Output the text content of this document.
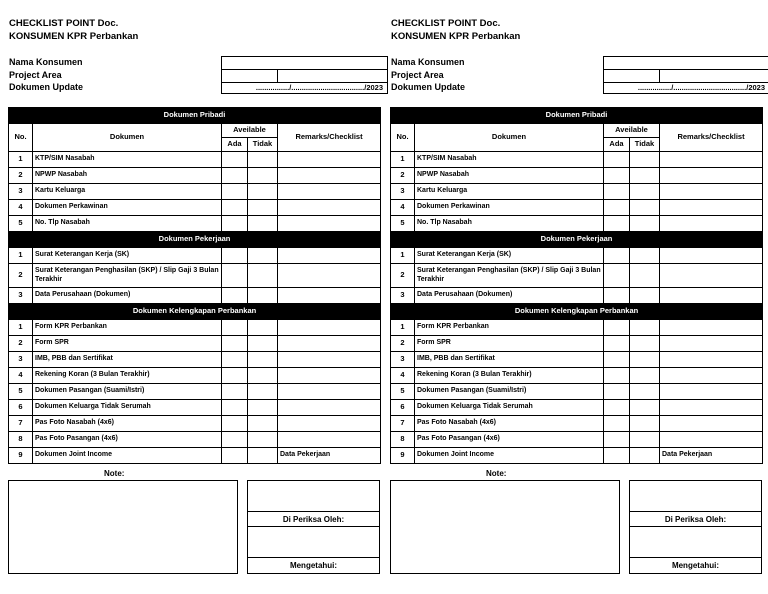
CHECKLIST POINT Doc.
KONSUMEN KPR Perbankan
Nama Konsumen
Project Area
Dokumen Update	................/.................................../2023
Dokumen Pribadi				
No.	Dokumen	Aveilable		Remarks/Checklist
		Ada	Tidak	
1	KTP/SIM Nasabah			
2	NPWP Nasabah			
3	Kartu Keluarga			
4	Dokumen Perkawinan			
5	No. Tlp Nasabah			
Dokumen Pekerjaan				
1	Surat Keterangan Kerja (SK)			
2	Surat Keterangan Penghasilan (SKP) / Slip Gaji 3 Bulan Terakhir			
3	Data Perusahaan (Dokumen)			
Dokumen Kelengkapan Perbankan				
1	Form KPR Perbankan			
2	Form SPR			
3	IMB, PBB dan Sertifikat			
4	Rekening Koran (3 Bulan Terakhir)			
5	Dokumen Pasangan (Suami/Istri)			
6	Dokumen Keluarga Tidak Serumah			
7	Pas Foto Nasabah (4x6)			
8	Pas Foto Pasangan (4x6)			
9	Dokumen Joint Income			Data Pekerjaan
Note:
Di Periksa Oleh:
Mengetahui:
CHECKLIST POINT Doc.
KONSUMEN KPR Perbankan
Nama Konsumen
Project Area
Dokumen Update	................/.................................../2023
Dokumen Pribadi				
No.	Dokumen	Aveilable		Remarks/Checklist
		Ada	Tidak	
1	KTP/SIM Nasabah			
2	NPWP Nasabah			
3	Kartu Keluarga			
4	Dokumen Perkawinan			
5	No. Tlp Nasabah			
Dokumen Pekerjaan				
1	Surat Keterangan Kerja (SK)			
2	Surat Keterangan Penghasilan (SKP) / Slip Gaji 3 Bulan Terakhir			
3	Data Perusahaan (Dokumen)			
Dokumen Kelengkapan Perbankan				
1	Form KPR Perbankan			
2	Form SPR			
3	IMB, PBB dan Sertifikat			
4	Rekening Koran (3 Bulan Terakhir)			
5	Dokumen Pasangan (Suami/Istri)			
6	Dokumen Keluarga Tidak Serumah			
7	Pas Foto Nasabah (4x6)			
8	Pas Foto Pasangan (4x6)			
9	Dokumen Joint Income			Data Pekerjaan
Note:
Di Periksa Oleh:
Mengetahui:
